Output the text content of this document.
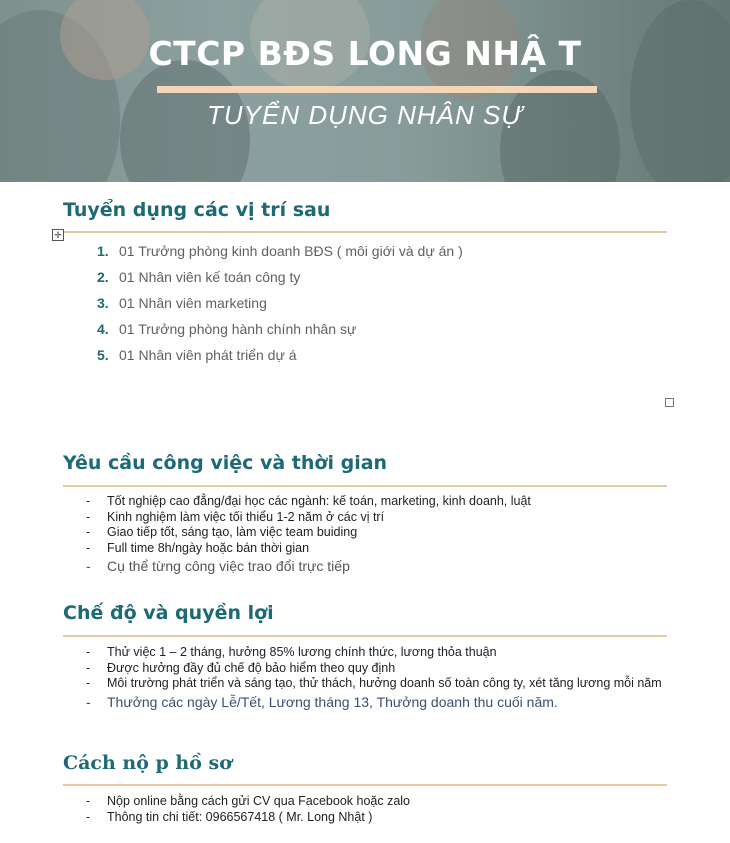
CTCP BĐS LONG NHẬ T
TUYỂN DỤNG NHÂN SỰ
Tuyển dụng các vị trí sau
✛
1. 01 Trưởng phòng kinh doanh BĐS ( môi giới và dự án )
2. 01 Nhân viên kế toán công ty
3. 01 Nhân viên marketing
4. 01 Trưởng phòng hành chính nhân sự
5. 01 Nhân viên phát triển dự á
Yêu cầu công việc và thời gian
- Tốt nghiệp cao đẳng/đại học các ngành: kế toán, marketing, kinh doanh, luật
- Kinh nghiệm làm việc tối thiểu 1-2 năm ở các vị trí
- Giao tiếp tốt, sáng tạo, làm việc team buiding
- Full time 8h/ngày hoặc bán thời gian
- Cụ thể từng công việc trao đổi trực tiếp
Chế độ và quyền lợi
- Thử việc 1 – 2 tháng, hưởng 85% lương chính thức, lương thỏa thuận
- Được hưởng đầy đủ chế độ bảo hiểm theo quy định
- Môi trường phát triển và sáng tạo, thử thách, hưởng doanh số toàn công ty, xét tăng lương mỗi năm
- Thưởng các ngày Lễ/Tết, Lương tháng 13, Thưởng doanh thu cuối năm.
Cách nộ p hồ sơ
- Nộp online bằng cách gửi CV qua Facebook hoặc zalo
- Thông tin chi tiết: 0966567418 ( Mr. Long Nhật )
